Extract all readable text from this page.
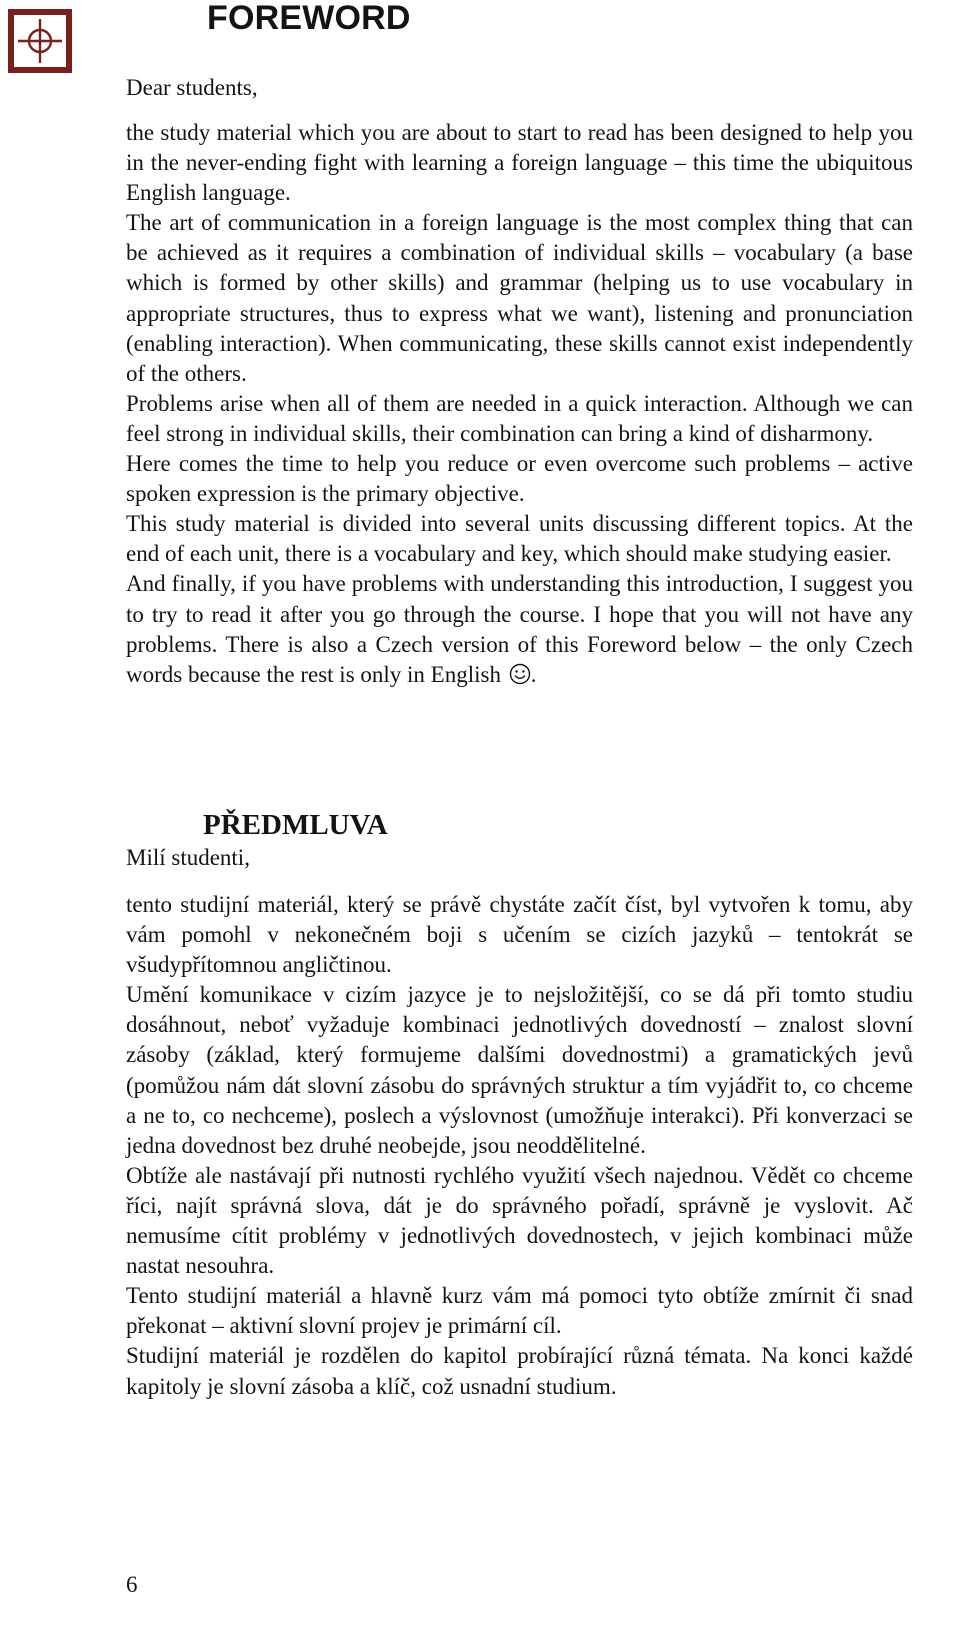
FOREWORD

Dear students,

the study material which you are about to start to read has been designed to help you in the never-ending fight with learning a foreign language – this time the ubiquitous English language.

The art of communication in a foreign language is the most complex thing that can be achieved as it requires a combination of individual skills – vocabulary (a base which is formed by other skills) and grammar (helping us to use vocabulary in appropriate structures, thus to express what we want), listening and pronunciation (enabling interaction). When communicating, these skills cannot exist independently of the others.

Problems arise when all of them are needed in a quick interaction. Although we can feel strong in individual skills, their combination can bring a kind of disharmony.

Here comes the time to help you reduce or even overcome such problems – active spoken expression is the primary objective.

This study material is divided into several units discussing different topics. At the end of each unit, there is a vocabulary and key, which should make studying easier.

And finally, if you have problems with understanding this introduction, I suggest you to try to read it after you go through the course. I hope that you will not have any problems. There is also a Czech version of this Foreword below – the only Czech words because the rest is only in English .

PŘEDMLUVA

Milí studenti,

tento studijní materiál, který se právě chystáte začít číst, byl vytvořen k tomu, aby vám pomohl v nekonečném boji s učením se cizích jazyků – tentokrát se všudypřítomnou angličtinou.

Umění komunikace v cizím jazyce je to nejsložitější, co se dá při tomto studiu dosáhnout, neboť vyžaduje kombinaci jednotlivých dovedností – znalost slovní zásoby (základ, který formujeme dalšími dovednostmi) a gramatických jevů (pomůžou nám dát slovní zásobu do správných struktur a tím vyjádřit to, co chceme a ne to, co nechceme), poslech a výslovnost (umožňuje interakci). Při konverzaci se jedna dovednost bez druhé neobejde, jsou neoddělitelné.

Obtíže ale nastávají při nutnosti rychlého využití všech najednou. Vědět co chceme říci, najít správná slova, dát je do správného pořadí, správně je vyslovit. Ač nemusíme cítit problémy v jednotlivých dovednostech, v jejich kombinaci může nastat nesouhra.

Tento studijní materiál a hlavně kurz vám má pomoci tyto obtíže zmírnit či snad překonat – aktivní slovní projev je primární cíl.

Studijní materiál je rozdělen do kapitol probírající různá témata. Na konci každé kapitoly je slovní zásoba a klíč, což usnadní studium.

6
